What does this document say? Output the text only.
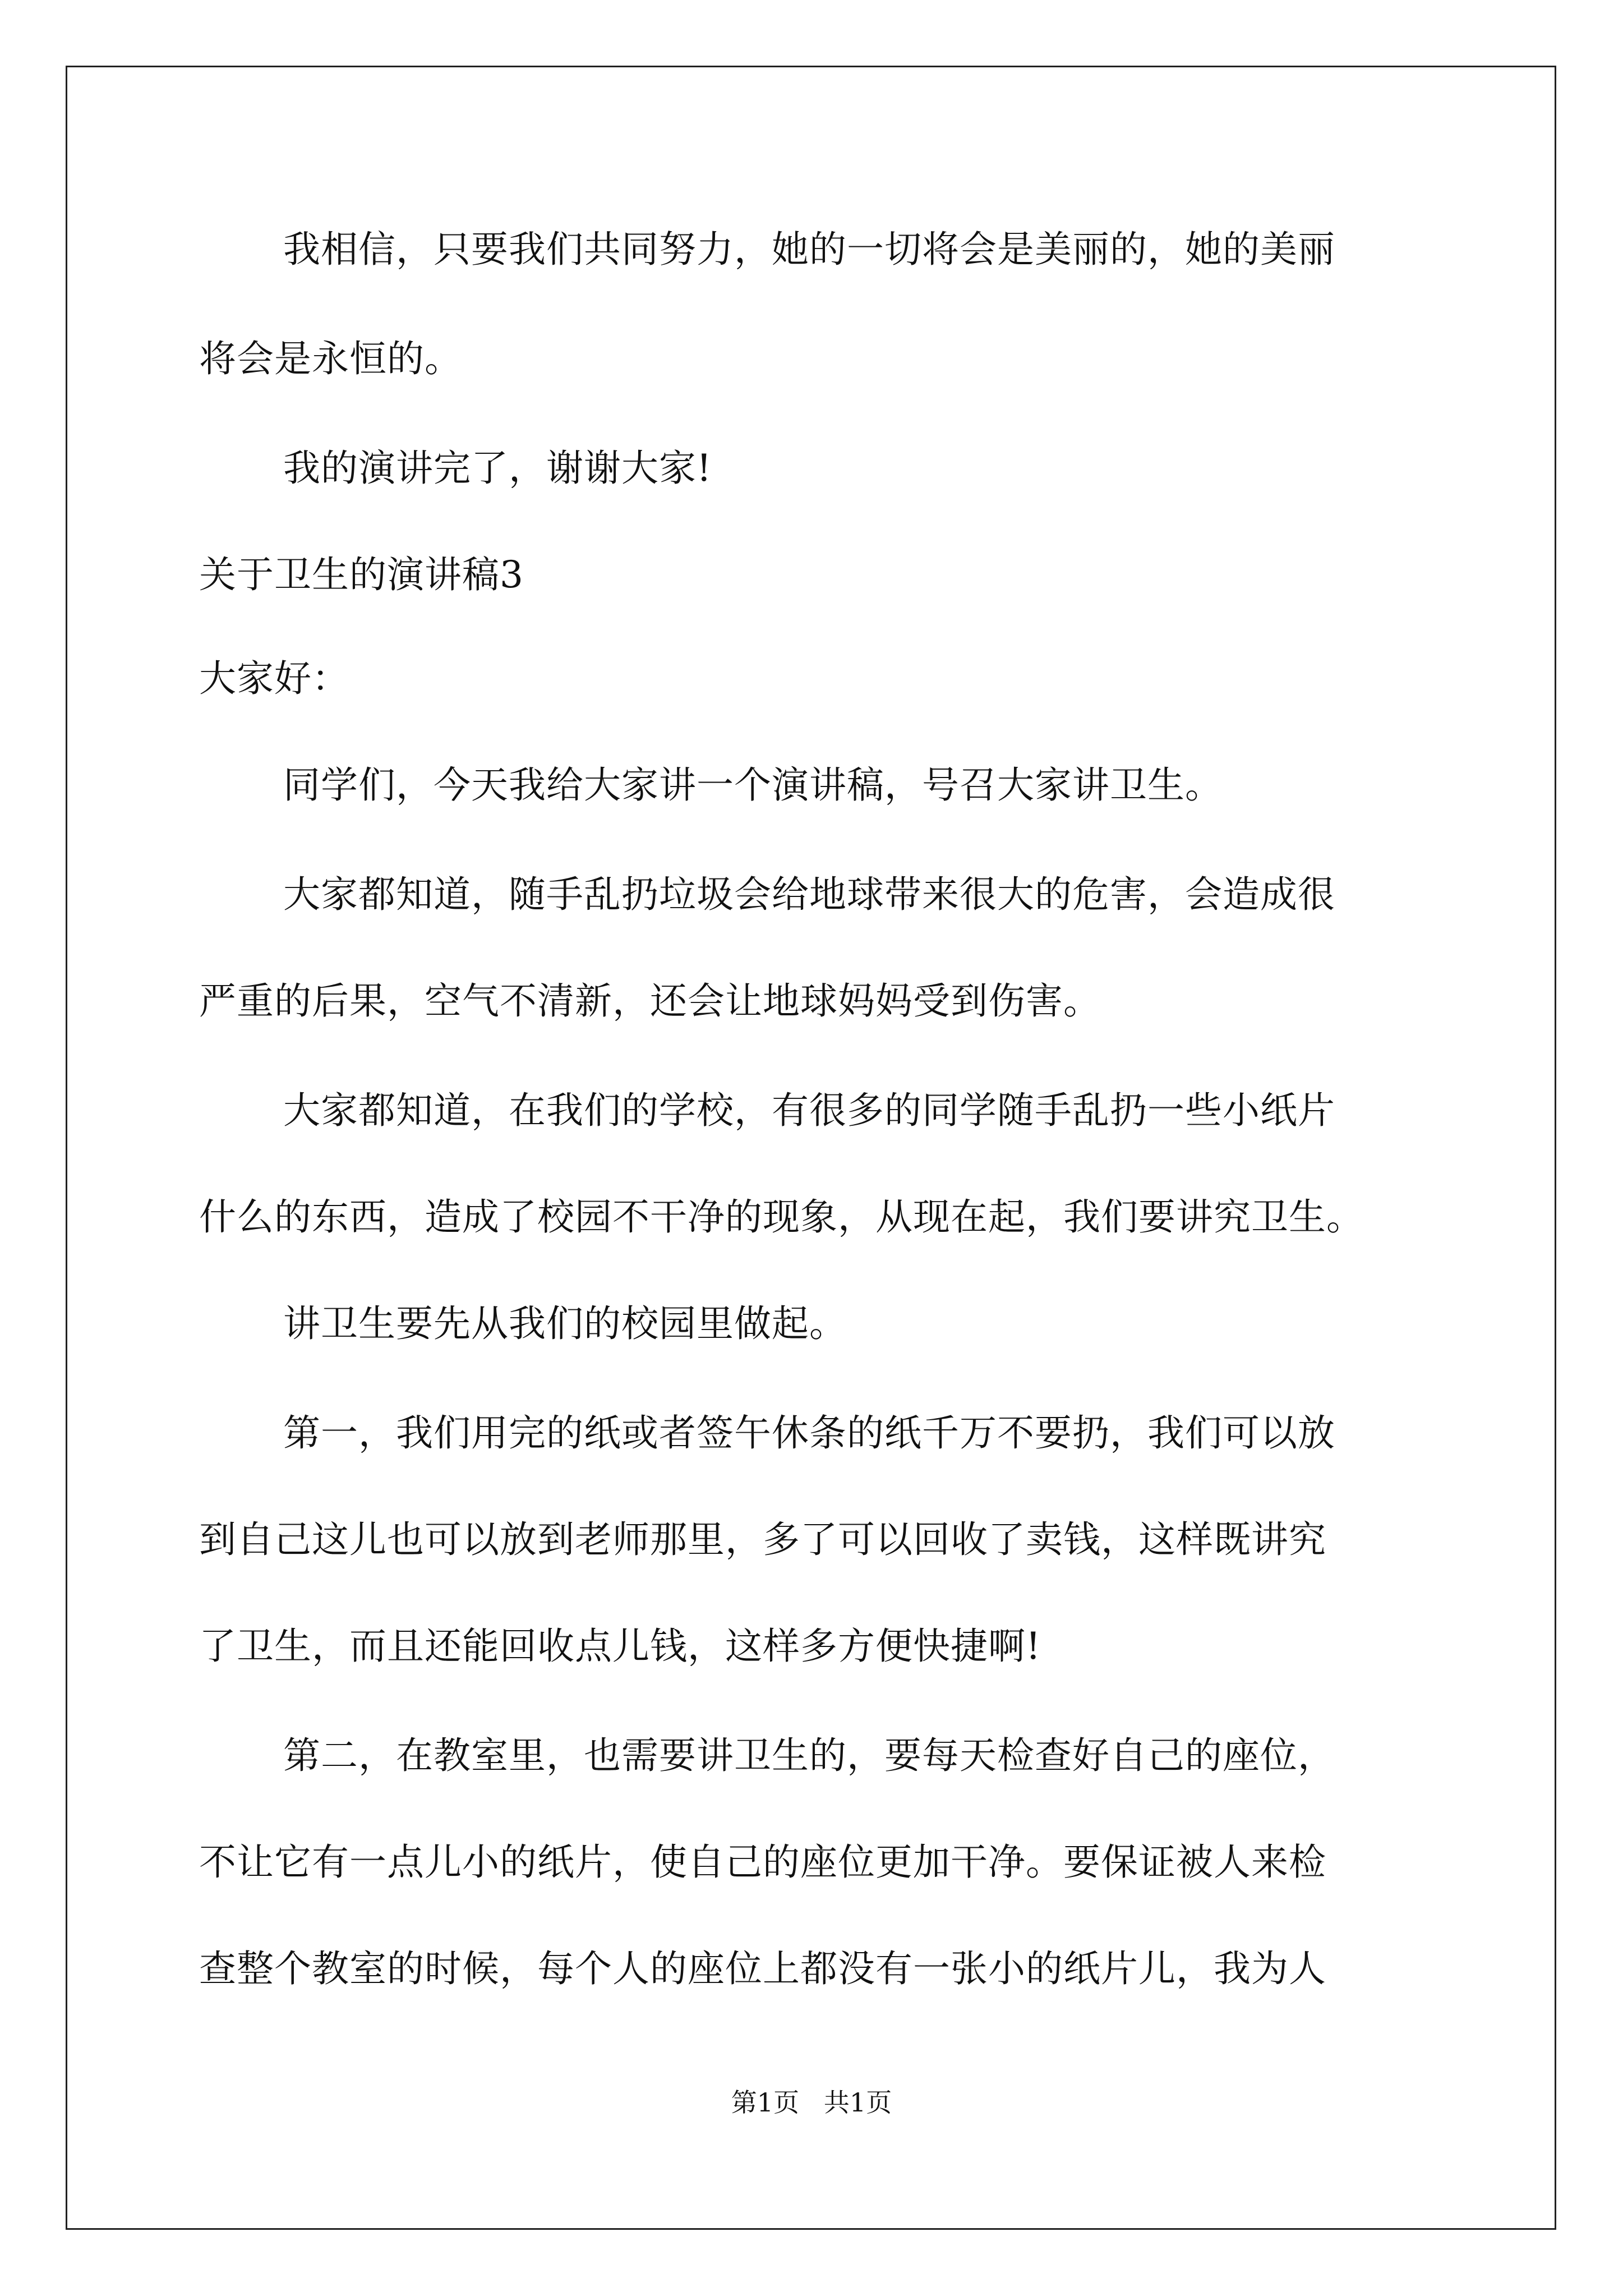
我相信，只要我们共同努力，她的一切将会是美丽的，她的美丽
将会是永恒的。
我的演讲完了，谢谢大家!
关于卫生的演讲稿3
大家好：
同学们，今天我给大家讲一个演讲稿，号召大家讲卫生。
大家都知道，随手乱扔垃圾会给地球带来很大的危害，会造成很
严重的后果，空气不清新，还会让地球妈妈受到伤害。
大家都知道，在我们的学校，有很多的同学随手乱扔一些小纸片
什么的东西，造成了校园不干净的现象，从现在起，我们要讲究卫生。
讲卫生要先从我们的校园里做起。
第一，我们用完的纸或者签午休条的纸千万不要扔，我们可以放
到自己这儿也可以放到老师那里，多了可以回收了卖钱，这样既讲究
了卫生，而且还能回收点儿钱，这样多方便快捷啊!
第二，在教室里，也需要讲卫生的，要每天检查好自己的座位，
不让它有一点儿小的纸片，使自己的座位更加干净。要保证被人来检
查整个教室的时候，每个人的座位上都没有一张小的纸片儿，我为人
第1页   共1页
